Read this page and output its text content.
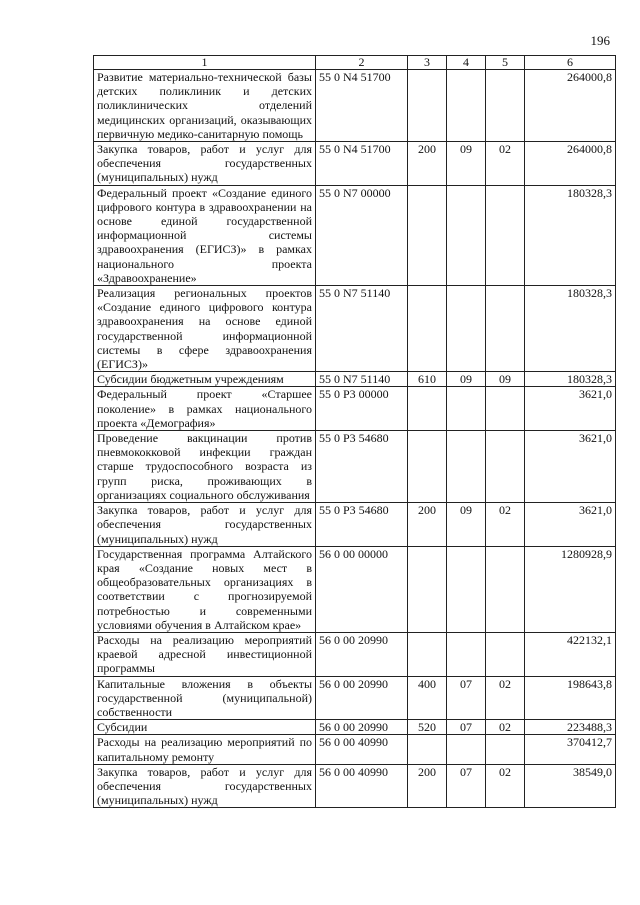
196
1	2	3	4	5	6
Развитие материально-технической базы детских поликлиник и детских поликлинических отделений медицинских организаций, оказывающих первичную медико-санитарную помощь	55 0 N4 51700				264000,8
Закупка товаров, работ и услуг для обеспечения государственных (муниципальных) нужд	55 0 N4 51700	200	09	02	264000,8
Федеральный проект «Создание единого цифрового контура в здравоохранении на основе единой государственной информационной системы здравоохранения (ЕГИСЗ)» в рамках национального проекта «Здравоохранение»	55 0 N7 00000				180328,3
Реализация региональных проектов «Создание единого цифрового контура здравоохранения на основе единой государственной информационной системы в сфере здравоохранения (ЕГИСЗ)»	55 0 N7 51140				180328,3
Субсидии бюджетным учреждениям	55 0 N7 51140	610	09	09	180328,3
Федеральный проект «Старшее поколение» в рамках национального проекта «Демография»	55 0 P3 00000				3621,0
Проведение вакцинации против пневмококковой инфекции граждан старше трудоспособного возраста из групп риска, проживающих в организациях социального обслуживания	55 0 P3 54680				3621,0
Закупка товаров, работ и услуг для обеспечения государственных (муниципальных) нужд	55 0 P3 54680	200	09	02	3621,0
Государственная программа Алтайского края «Создание новых мест в общеобразовательных организациях в соответствии с прогнозируемой потребностью и современными условиями обучения в Алтайском крае»	56 0 00 00000				1280928,9
Расходы на реализацию мероприятий краевой адресной инвестиционной программы	56 0 00 20990				422132,1
Капитальные вложения в объекты государственной (муниципальной) собственности	56 0 00 20990	400	07	02	198643,8
Субсидии	56 0 00 20990	520	07	02	223488,3
Расходы на реализацию мероприятий по капитальному ремонту	56 0 00 40990				370412,7
Закупка товаров, работ и услуг для обеспечения государственных (муниципальных) нужд	56 0 00 40990	200	07	02	38549,0
